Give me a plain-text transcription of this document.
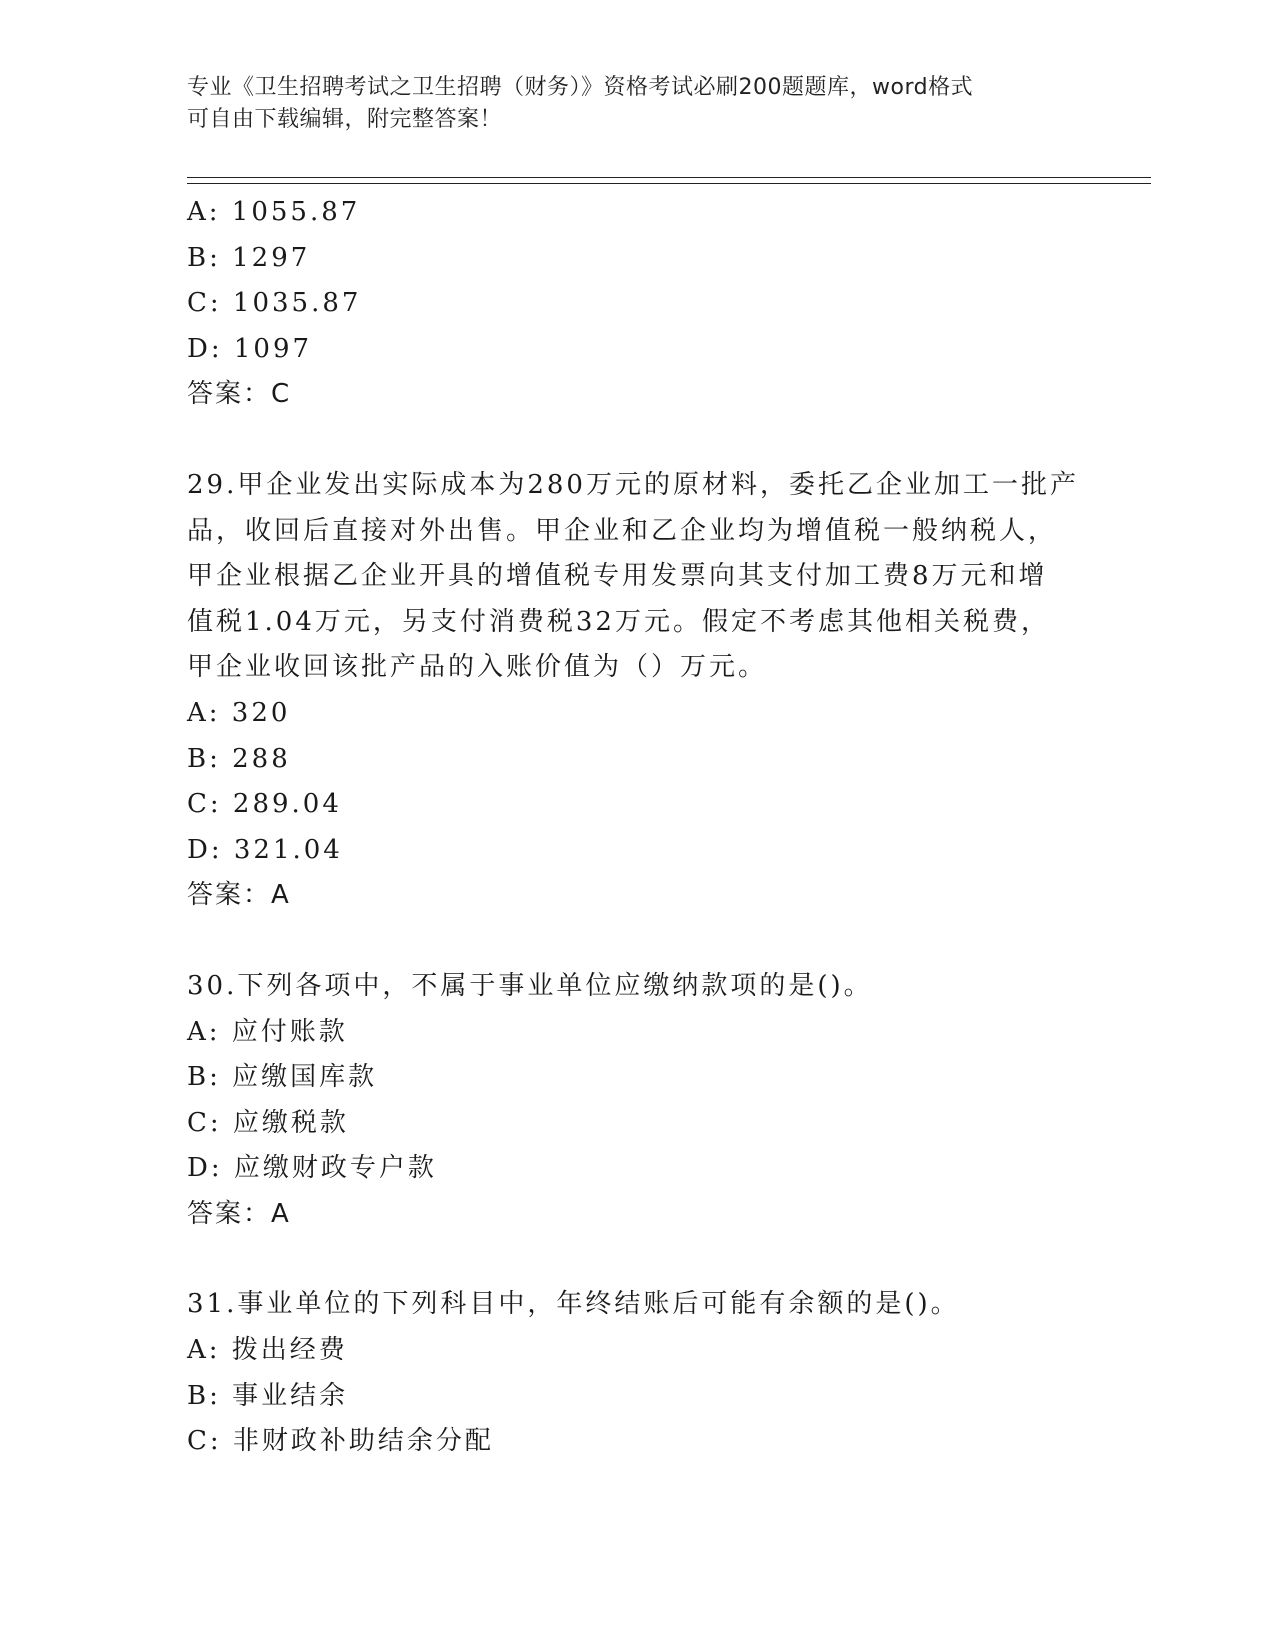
专业《卫生招聘考试之卫生招聘（财务）》资格考试必刷200题题库，word格式

可自由下载编辑，附完整答案！

A: 1055.87
B: 1297
C: 1035.87
D: 1097
答案：C
29.甲企业发出实际成本为280万元的原材料，委托乙企业加工一批产
品，收回后直接对外出售。甲企业和乙企业均为增值税一般纳税人，
甲企业根据乙企业开具的增值税专用发票向其支付加工费8万元和增
值税1.04万元，另支付消费税32万元。假定不考虑其他相关税费，
甲企业收回该批产品的入账价值为（）万元。
A: 320
B: 288
C: 289.04
D: 321.04
答案：A
30.下列各项中，不属于事业单位应缴纳款项的是()。
A: 应付账款
B: 应缴国库款
C: 应缴税款
D: 应缴财政专户款
答案：A
31.事业单位的下列科目中，年终结账后可能有余额的是()。
A: 拨出经费
B: 事业结余
C: 非财政补助结余分配
